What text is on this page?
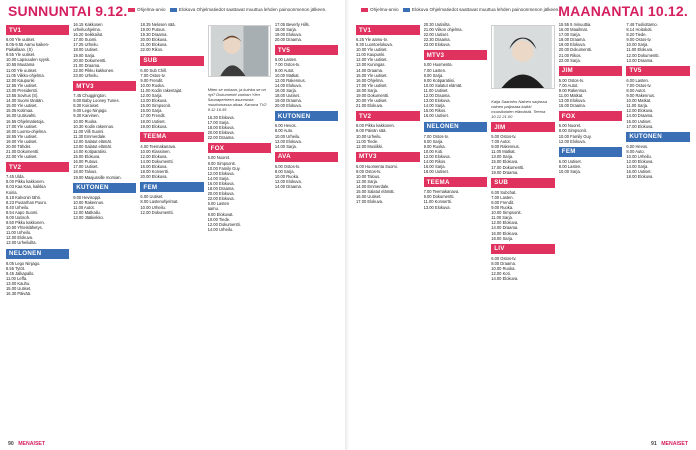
SUNNUNTAI 9.12.	Ohjelma-arvio	Elokuva Ohjelmatiedot saattavat muuttua lehden painoonmenon jälkeen.
TV1
8.00 Yle uutiset.
8.05-9.55 Aamu kaiken-
Paikallaan. (S)
9.55 Yle uutiset.
10.00 Lapsuuden syysk.
10.55 Muutama
11.00 Yle uutiset.
11.05 Viikko-ohjelma.
12.00 Kaupunki
12.55 Yle uutiset.
13.00 Presidentti.
13.55 Sovitus (S).
14.00 Suomi tänään.
15.00 Yle uutiset.
15.05 Kotimaa.
16.00 Uutisvahti.
16.55 Ohjelmatietoja.
17.00 Yle uutiset.
18.00 Luonto-ohjelma.
18.55 Yle uutiset.
19.00 Yle uutiset.
20.00 Tähdet.
21.00 Dokumentti.
22.00 Yle uutiset.
TV2
7.45 Ulda.
8.00 Pikku kakkonen.
8.03 Kaa Kaa, kaikkia
Koiria.
8.18 Kalvonin tähti.
8.23 Puutarhan Puuro.
8.40 Urheilu.
8.54 Aapo Suomi.
9.00 Uutisoh.
9.50 Pikku kakkonen.
10.00 Yhteislähetys.
11.00 Urheilu.
12.00 Elokuva.
13.00 Urheiluilta.
NELONEN
8.05 Lego Ninjago.
8.55 Tytöt.
9.45 Jalkapallo.
11.00 Leffa.
13.00 Kauhu.
15.00 Uutiset.
16.30 Päivää.
16.15 Kakkosen
urheiluohjelma.
16.20 Seikkailut.
17.00 Suomi.
17.25 Urheilu.
18.00 Uutiset.
19.00 Sarja.
20.00 Dokumentti.
21.00 Draama.
22.00 Pikku kakkonen.
23.00 Urheilu.
MTV3
7.45 Chuggington.
8.00 Baby Looney Tunes.
8.30 Koiraiset.
9.00 Lego Ninjago.
9.30 Karvinen.
10.00 Ruoka.
10.30 Kodin rakennus.
11.00 Villi Suomi.
11.30 Emmerdale.
12.00 Salatut elämät.
13.00 Salatut elämät.
14.00 Kotiparatiisi.
15.00 Elokuva.
16.00 Putous.
17.00 Uutiset.
18.00 Talous.
19.00 Maajussille morsian.
KUTONEN
9.00 Hevisoppi.
10.00 Rakennus.
11.00 Autot.
12.00 Matkailu.
13.00 Jääkiekko.
18.35 Nelosen sää.
19.00 Putous.
19.30 Draama.
20.00 Elokuva.
21.00 Elokuva.
22.00 Rikos.
SUB
6.00 Sub Chill.
7.00 Ostos-tv.
9.00 Frendit.
10.00 Ruoka.
11.00 Kodin rakentajat.
12.00 Sarja.
13.00 Elokuva.
15.00 Simpsonit.
16.00 Sarja.
17.00 Frendit.
18.00 Uutiset.
19.00 Elokuva.
TEEMA
4.00 Teemakanava.
10.00 Klassinen.
12.00 Elokuva.
14.00 Dokumentti.
16.00 Elokuva.
18.00 Konsertti.
20.00 Elokuva.
FEM
6.00 Uutiset.
8.00 Lastenohjelmat.
10.00 Urheilu.
12.00 Dokumentti.
Miten se onkaan, ja kuinka se on nyt? Dokumentti vanhan Ylen Saunaperheen asunnosta muuttumassa aikaa. Kanava TV2 9.12 16.55
16.30 Elokuva.
17.00 Sarja.
18.00 Elokuva.
20.00 Elokuva.
22.00 Draama.
FOX
6.00 Nuoret.
8.00 Simpsonit.
10.00 Family Guy.
12.00 Elokuva.
14.00 Sarja.
16.00 Elokuva.
18.00 Draama.
20.00 Elokuva.
22.00 Elokuva.
6.00 Lasten
aamu.
8.00 Elokuvat.
10.00 Tiede.
12.00 Dokumentti.
14.00 Urheilu.
17.05 Beverly Hills.
18.00 Sarja.
19.00 Elokuva.
20.00 Draama.
TV5
6.00 Lasten.
7.00 Ostos-tv.
9.00 Autot.
10.00 Matkat.
12.00 Rakennus.
14.00 Elokuva.
16.00 Sarja.
18.00 Uutiset.
19.00 Draama.
20.00 Elokuva.
KUTONEN
6.00 Hevos.
8.00 Auto.
10.00 Urheilu.
12.00 Elokuva.
14.00 Sarja.
AVA
6.00 Ostos-tv.
8.00 Sarja.
10.00 Ruoka.
12.00 Elokuva.
14.00 Draama.
90 MENAISET
MAANANTAI 10.12.
Ohjelma-arvio	Elokuva Ohjelmatiedot saattavat muuttua lehden painoonmenon jälkeen.
TV1
6.25 Yle aamu-tv.
9.30 Luontoelokuva.
10.00 Yle uutiset.
11.00 Kaupunki.
12.00 Yle uutiset.
13.00 Kuningas.
14.00 Draama.
15.00 Yle uutiset.
16.00 Ohjelma.
17.00 Yle uutiset.
18.00 Sarja.
19.00 Dokumentti.
20.00 Yle uutiset.
21.00 Elokuva.
TV2
8.00 Pikku kakkonen.
9.00 Päivän sää.
10.00 Urheilu.
11.00 Tiede.
12.00 Musiikki.
MTV3
6.00 Huomenta Suomi.
9.00 Ostos-tv.
10.00 Talous.
12.00 Sarja.
14.00 Emmerdale.
15.00 Salatut elämät.
16.00 Uutiset.
17.00 Elokuva.
20.30 Uutisilta.
21.00 Viikon ohjelma.
22.00 Uutiset.
22.30 Draama.
23.00 Elokuva.
MTV3
6.00 Huomenta.
7.00 Lasten.
8.00 Sarja.
9.00 Kotiparatiisi.
10.00 Salatut elämät.
11.00 Uutiset.
12.00 Draama.
13.00 Elokuva.
14.00 Sarja.
15.00 Rikos.
16.00 Uutiset.
NELONEN
7.00 Ostos-tv.
8.00 Sarja.
9.00 Ruoka.
10.00 Koti.
12.00 Elokuva.
14.00 Rikos.
16.00 Sarja.
18.00 Uutiset.
TEEMA
7.00 Teemakanava.
9.00 Dokumentti.
11.00 Konsertti.
13.00 Elokuva.
Kaija Saariaho Nainen sarjassa nainen paljastaa kaikki muusikoiden elämästä. Teema 10.12 21.00
JIM
5.00 Ostos-tv.
7.00 Autot.
9.00 Rakennus.
11.00 Matkat.
13.00 Sarja.
15.00 Elokuva.
17.00 Dokumentti.
19.00 Draama.
SUB
6.00 Subchat.
7.00 Lasten.
8.00 Frendit.
9.00 Ruoka.
10.00 Simpsonit.
11.00 Sarja.
12.00 Elokuva.
14.00 Draama.
16.00 Elokuva.
18.00 Sarja.
LIV
6.00 Ostos-tv.
8.00 Draama.
10.00 Ruoka.
12.00 Koti.
14.00 Elokuva.
15.55 5 minuuttia.
16.00 Maailmat.
17.00 Sarja.
18.00 Draama.
19.00 Elokuva.
20.00 Dokumentti.
21.00 Rikos.
22.00 Sarja.
JIM
5.00 Ostos-tv.
7.00 Autot.
9.00 Rakennus.
11.00 Matkat.
13.00 Elokuva.
15.00 Draama.
FOX
6.00 Nuoret.
8.00 Simpsonit.
10.00 Family Guy.
12.00 Elokuva.
FEM
6.00 Uutiset.
8.00 Lasten.
10.00 Sarja.
7.48 Tuoliottamo.
8.14 Hoitokoti.
8.20 Tiede.
9.00 Ostos-tv.
10.00 Sarja.
11.00 Elokuva.
12.00 Dokumentti.
13.00 Draama.
TV5
6.00 Lasten.
7.00 Ostos-tv.
8.00 Autot.
9.00 Rakennus.
10.00 Matkat.
11.00 Sarja.
12.00 Elokuva.
14.00 Draama.
16.00 Uutiset.
17.00 Elokuva.
KUTONEN
6.00 Hevos.
8.00 Auto.
10.00 Urheilu.
12.00 Elokuva.
14.00 Sarja.
16.00 Uutiset.
18.00 Elokuva.
91 MENAISET
